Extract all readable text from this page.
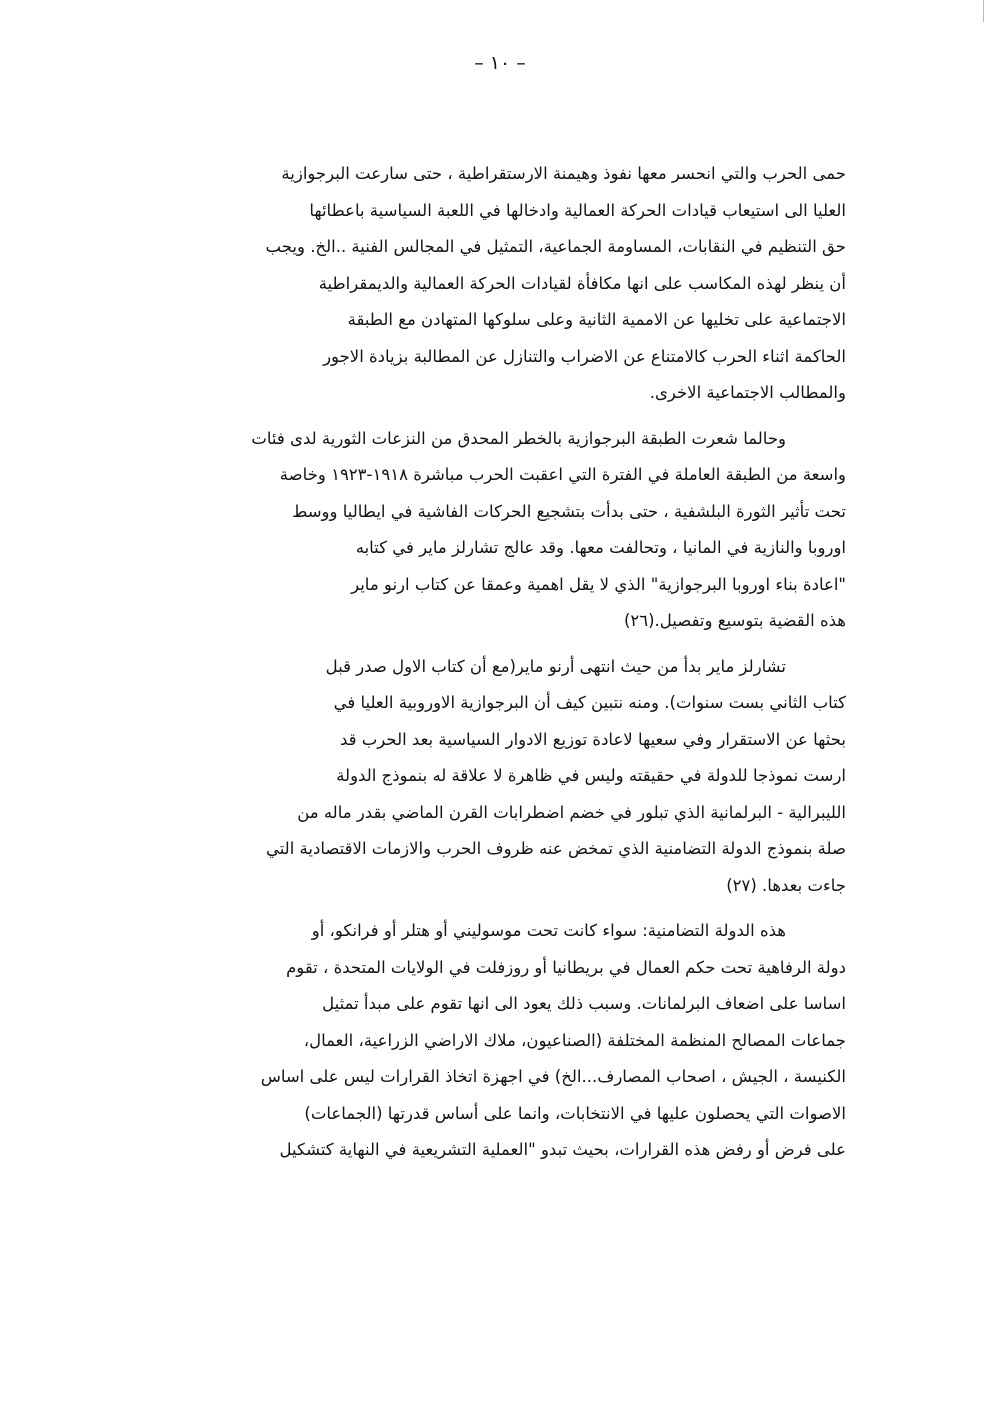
– ١٠ –

حمى الحرب والتي انحسر معها نفوذ وهيمنة الارستقراطية ، حتى سارعت البرجوازية
العليا الى استيعاب قيادات الحركة العمالية وادخالها في اللعبة السياسية باعطائها
حق التنظيم في النقابات، المساومة الجماعية، التمثيل في المجالس الفنية ..الخ. ويجب
أن ينظر لهذه المكاسب على انها مكافأة لقيادات الحركة العمالية والديمقراطية
الاجتماعية على تخليها عن الاممية الثانية وعلى سلوكها المتهادن مع الطبقة
الحاكمة اثناء الحرب كالامتناع عن الاضراب والتنازل عن المطالبة بزيادة الاجور
والمطالب الاجتماعية الاخرى.

وحالما شعرت الطبقة البرجوازية بالخطر المحدق من النزعات الثورية لدى فئات
واسعة من الطبقة العاملة في الفترة التي اعقبت الحرب مباشرة ١٩١٨-١٩٢٣ وخاصة
تحت تأثير الثورة البلشفية ، حتى بدأت بتشجيع الحركات الفاشية في ايطاليا ووسط
اوروبا والنازية في المانيا ، وتحالفت معها. وقد عالج تشارلز ماير في كتابه
"اعادة بناء اوروبا البرجوازية" الذي لا يقل اهمية وعمقا عن كتاب ارنو ماير
هذه القضية بتوسيع وتفصيل.(٢٦)

تشارلز ماير بدأ من حيث انتهى أرنو ماير(مع أن كتاب الاول صدر قبل
كتاب الثاني بست سنوات). ومنه نتبين كيف أن البرجوازية الاوروبية العليا في
بحثها عن الاستقرار وفي سعيها لاعادة توزيع الادوار السياسية بعد الحرب قد
ارست نموذجا للدولة في حقيقته وليس في ظاهرة لا علاقة له بنموذج الدولة
الليبرالية - البرلمانية الذي تبلور في خضم اضطرابات القرن الماضي بقدر ماله من
صلة بنموذج الدولة التضامنية الذي تمخض عنه ظروف الحرب والازمات الاقتصادية التي
جاءت بعدها. (٢٧)

هذه الدولة التضامنية: سواء كانت تحت موسوليني أو هتلر أو فرانكو، أو
دولة الرفاهية تحت حكم العمال في بريطانيا أو روزفلت في الولايات المتحدة ، تقوم
اساسا على اضعاف البرلمانات. وسبب ذلك يعود الى انها تقوم على مبدأ تمثيل
جماعات المصالح المنظمة المختلفة (الصناعيون، ملاك الاراضي الزراعية، العمال،
الكنيسة ، الجيش ، اصحاب المصارف...الخ) في اجهزة اتخاذ القرارات ليس على اساس
الاصوات التي يحصلون عليها في الانتخابات، وانما على أساس قدرتها (الجماعات)
على فرض أو رفض هذه القرارات، بحيث تبدو "العملية التشريعية في النهاية كتشكيل
